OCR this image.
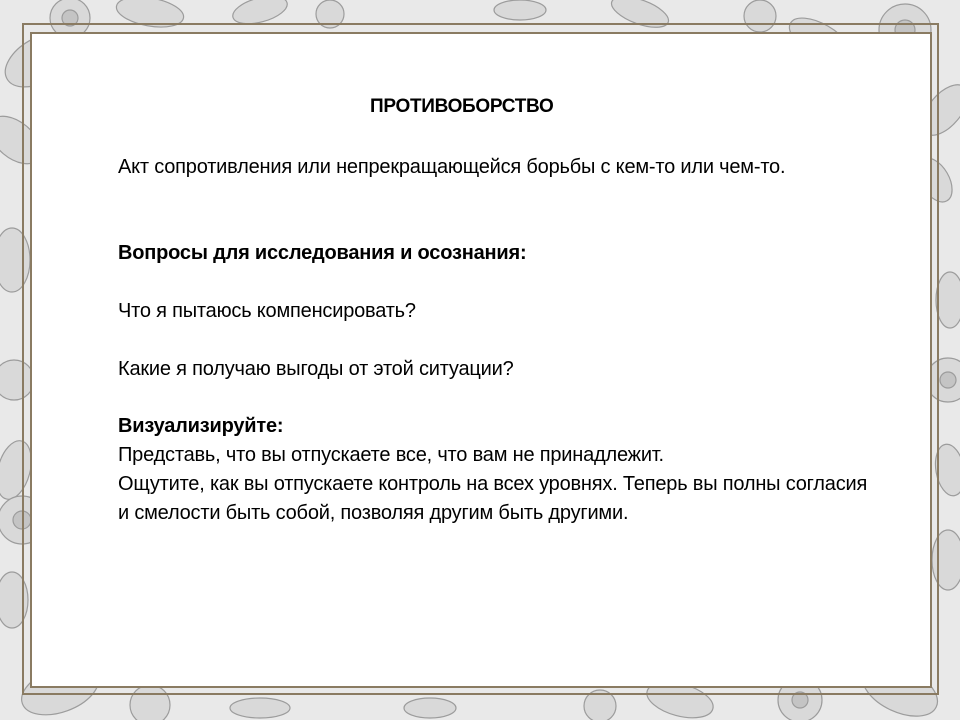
ПРОТИВОБОРСТВО

Акт сопротивления или непрекращающейся борьбы с кем-то или чем-то.

Вопросы для исследования и осознания:

Что я пытаюсь компенсировать?

Какие я получаю выгоды от этой ситуации?

Визуализируйте:

Представь, что вы отпускаете все, что вам не принадлежит.

Ощутите, как вы отпускаете контроль на всех уровнях. Теперь вы полны согласия и смелости быть собой, позволяя другим быть другими.
